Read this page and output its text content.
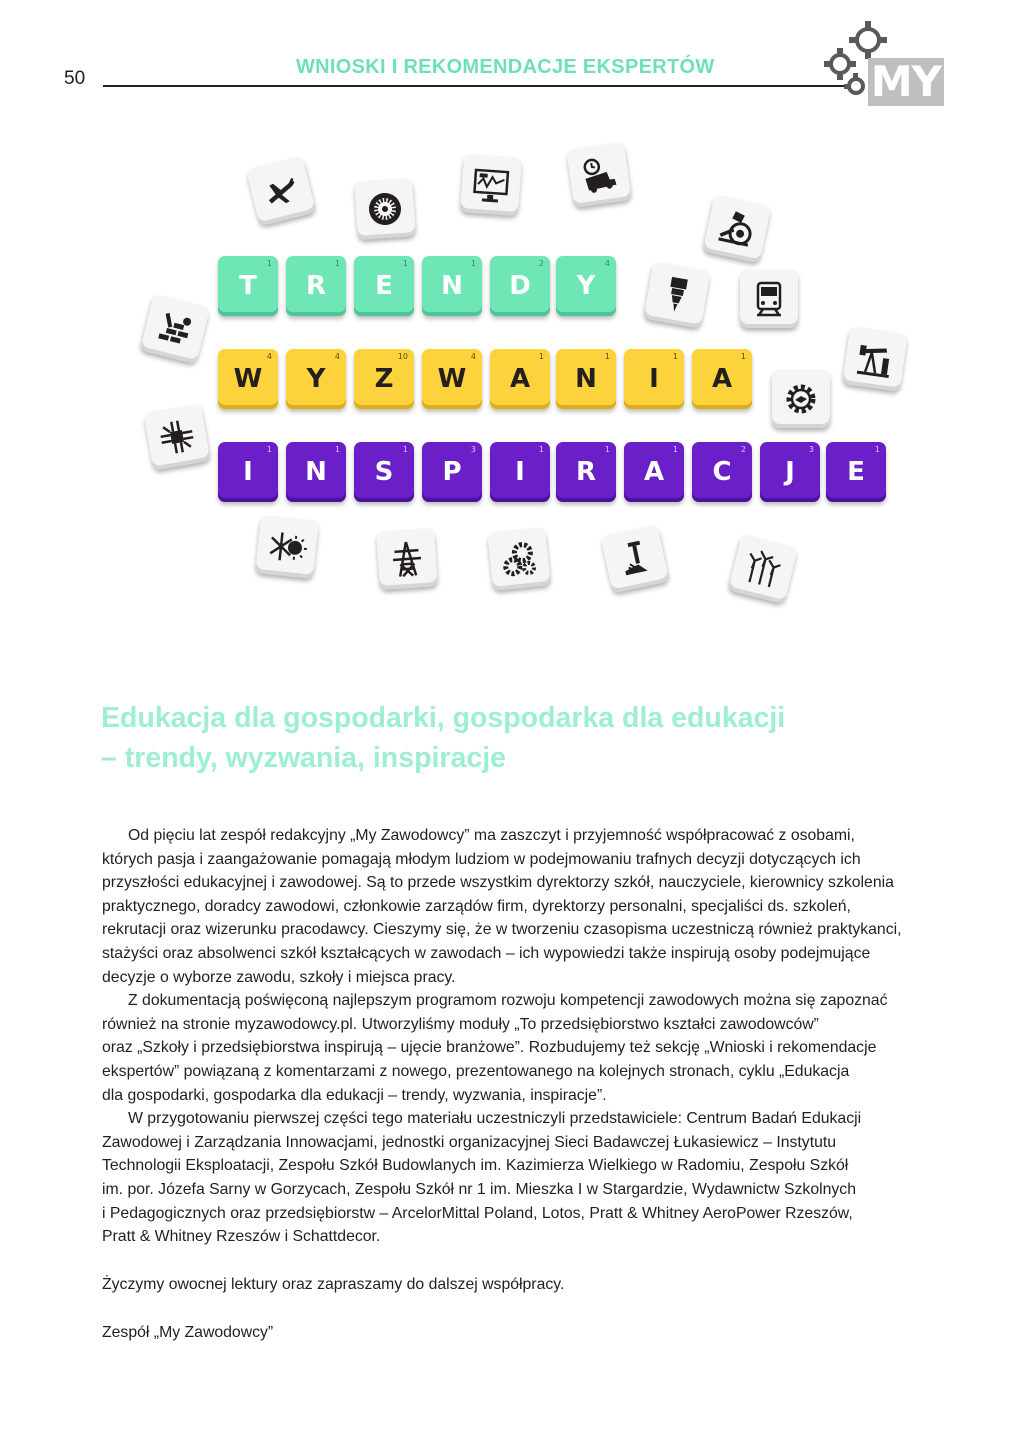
50
WNIOSKI I REKOMENDACJE EKSPERTÓW	MY
T
1
R
1
E
1
N
1
D
2
Y
4
W
4
Y
4
Z
10
W
4
A
1
N
1
I
1
A
1
I
1
N
1
S
1
P
3
I
1
R
1
A
1
C
2
J
3
E
1
Edukacja dla gospodarki, gospodarka dla edukacji
– trendy, wyzwania, inspiracje

Od pięciu lat zespół redakcyjny „My Zawodowcy” ma zaszczyt i przyjemność współpracować z osobami,
których pasja i zaangażowanie pomagają młodym ludziom w podejmowaniu trafnych decyzji dotyczących ich
przyszłości edukacyjnej i zawodowej. Są to przede wszystkim dyrektorzy szkół, nauczyciele, kierownicy szkolenia
praktycznego, doradcy zawodowi, członkowie zarządów firm, dyrektorzy personalni, specjaliści ds. szkoleń,
rekrutacji oraz wizerunku pracodawcy. Cieszymy się, że w tworzeniu czasopisma uczestniczą również praktykanci,
stażyści oraz absolwenci szkół kształcących w zawodach – ich wypowiedzi także inspirują osoby podejmujące
decyzje o wyborze zawodu, szkoły i miejsca pracy.

Z dokumentacją poświęconą najlepszym programom rozwoju kompetencji zawodowych można się zapoznać
również na stronie myzawodowcy.pl. Utworzyliśmy moduły „To przedsiębiorstwo kształci zawodowców”
oraz „Szkoły i przedsiębiorstwa inspirują – ujęcie branżowe”. Rozbudujemy też sekcję „Wnioski i rekomendacje
ekspertów” powiązaną z komentarzami z nowego, prezentowanego na kolejnych stronach, cyklu „Edukacja
dla gospodarki, gospodarka dla edukacji – trendy, wyzwania, inspiracje”.

W przygotowaniu pierwszej części tego materiału uczestniczyli przedstawiciele: Centrum Badań Edukacji
Zawodowej i Zarządzania Innowacjami, jednostki organizacyjnej Sieci Badawczej Łukasiewicz – Instytutu
Technologii Eksploatacji, Zespołu Szkół Budowlanych im. Kazimierza Wielkiego w Radomiu, Zespołu Szkół
im. por. Józefa Sarny w Gorzycach, Zespołu Szkół nr 1 im. Mieszka I w Stargardzie, Wydawnictw Szkolnych
i Pedagogicznych oraz przedsiębiorstw – ArcelorMittal Poland, Lotos, Pratt & Whitney AeroPower Rzeszów,
Pratt & Whitney Rzeszów i Schattdecor.

Życzymy owocnej lektury oraz zapraszamy do dalszej współpracy.
Zespół „My Zawodowcy”
